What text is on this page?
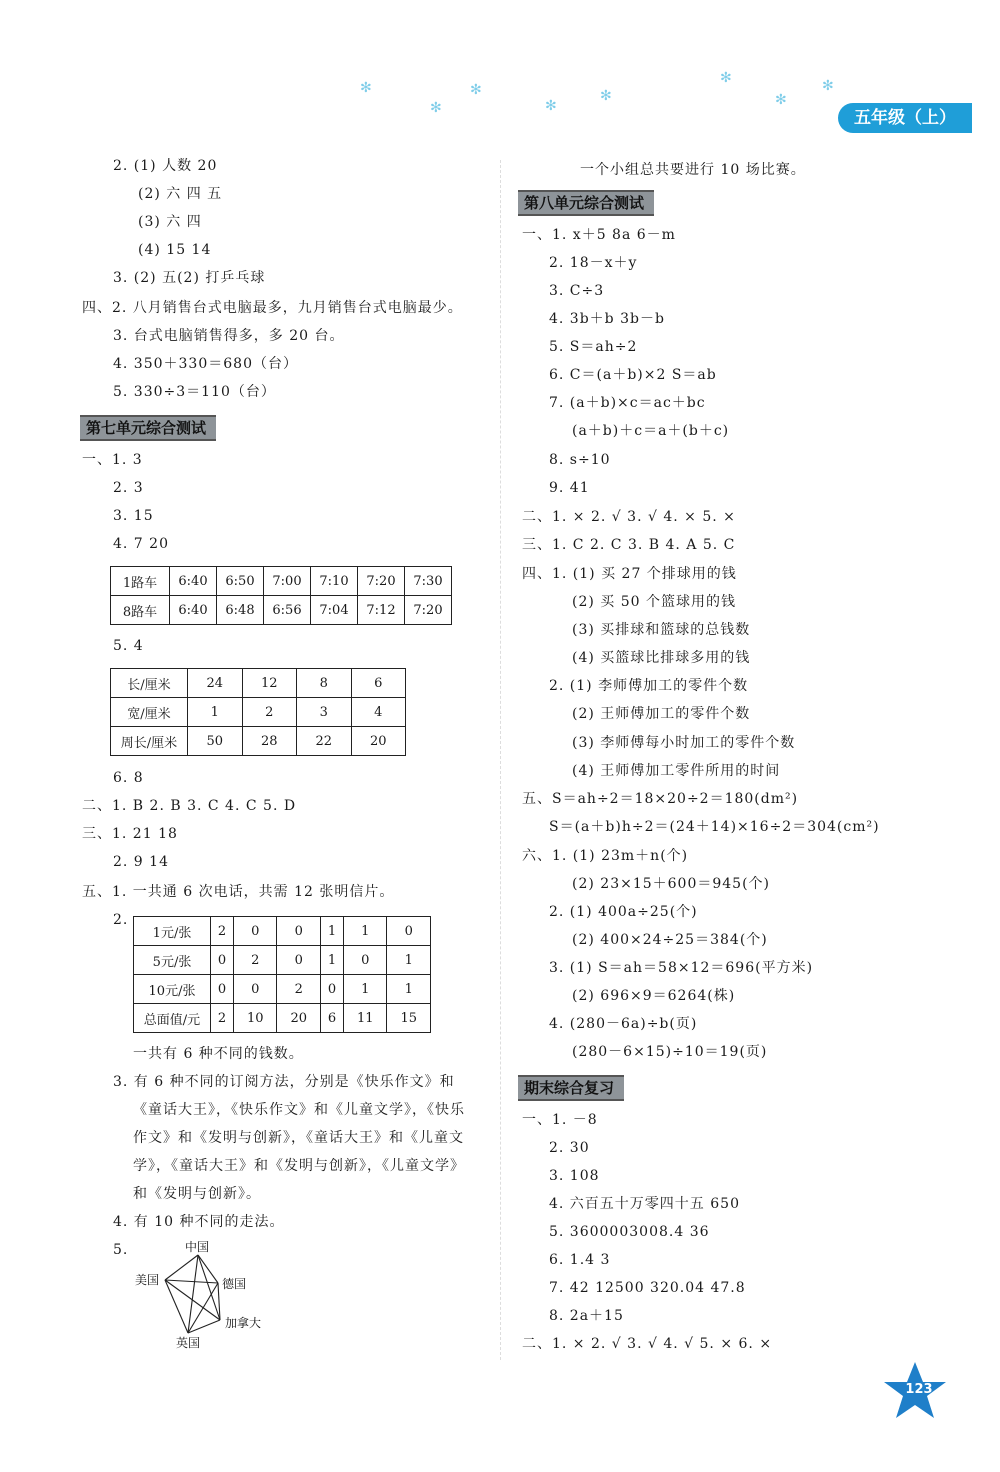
✻
✻
✻
✻
✻
✻
✻
✻
五年级（上）
2. (1) 人数 20
(2) 六 四 五
(3) 六 四
(4) 15 14
3. (2) 五(2) 打乒乓球
四、2. 八月销售台式电脑最多，九月销售台式电脑最少。
3. 台式电脑销售得多，多 20 台。
4. 350＋330＝680（台）
5. 330÷3＝110（台）
第七单元综合测试
一、1. 3
2. 3
3. 15
4. 7 20
1路车	6:40	6:50	7:00	7:10	7:20	7:30
8路车	6:40	6:48	6:56	7:04	7:12	7:20
5. 4
长/厘米	24	12	8	6
宽/厘米	1	2	3	4
周长/厘米	50	28	22	20
6. 8
二、1. B 2. B 3. C 4. C 5. D
三、1. 21 18
2. 9 14
五、1. 一共通 6 次电话，共需 12 张明信片。
2.
1元/张	2	0	0	1	1	0
5元/张	0	2	0	1	0	1
10元/张	0	0	2	0	1	1
总面值/元	2	10	20	6	11	15
一共有 6 种不同的钱数。
3. 有 6 种不同的订阅方法，分别是《快乐作文》和
《童话大王》，《快乐作文》和《儿童文学》，《快乐
作文》和《发明与创新》，《童话大王》和《儿童文
学》，《童话大王》和《发明与创新》，《儿童文学》
和《发明与创新》。
4. 有 10 种不同的走法。
5.	中国
美国	德国
加拿大
英国
一个小组总共要进行 10 场比赛。
第八单元综合测试
一、1. x＋5 8a 6－m
2. 18－x＋y
3. C÷3
4. 3b＋b 3b－b
5. S＝ah÷2
6. C＝(a＋b)×2 S＝ab
7. (a＋b)×c＝ac＋bc
(a＋b)＋c＝a＋(b＋c)
8. s÷10
9. 41
二、1. × 2. √ 3. √ 4. × 5. ×
三、1. C 2. C 3. B 4. A 5. C
四、1. (1) 买 27 个排球用的钱
(2) 买 50 个篮球用的钱
(3) 买排球和篮球的总钱数
(4) 买篮球比排球多用的钱
2. (1) 李师傅加工的零件个数
(2) 王师傅加工的零件个数
(3) 李师傅每小时加工的零件个数
(4) 王师傅加工零件所用的时间
五、S＝ah÷2＝18×20÷2＝180(dm²)
S＝(a＋b)h÷2＝(24＋14)×16÷2＝304(cm²)
六、1. (1) 23m＋n(个)
(2) 23×15＋600＝945(个)
2. (1) 400a÷25(个)
(2) 400×24÷25＝384(个)
3. (1) S＝ah＝58×12＝696(平方米)
(2) 696×9＝6264(株)
4. (280－6a)÷b(页)
(280－6×15)÷10＝19(页)
期末综合复习
一、1. －8
2. 30
3. 108
4. 六百五十万零四十五 650
5. 3600003008.4 36
6. 1.4 3
7. 42 12500 320.04 47.8
8. 2a＋15
二、1. × 2. √ 3. √ 4. √ 5. × 6. ×
123
